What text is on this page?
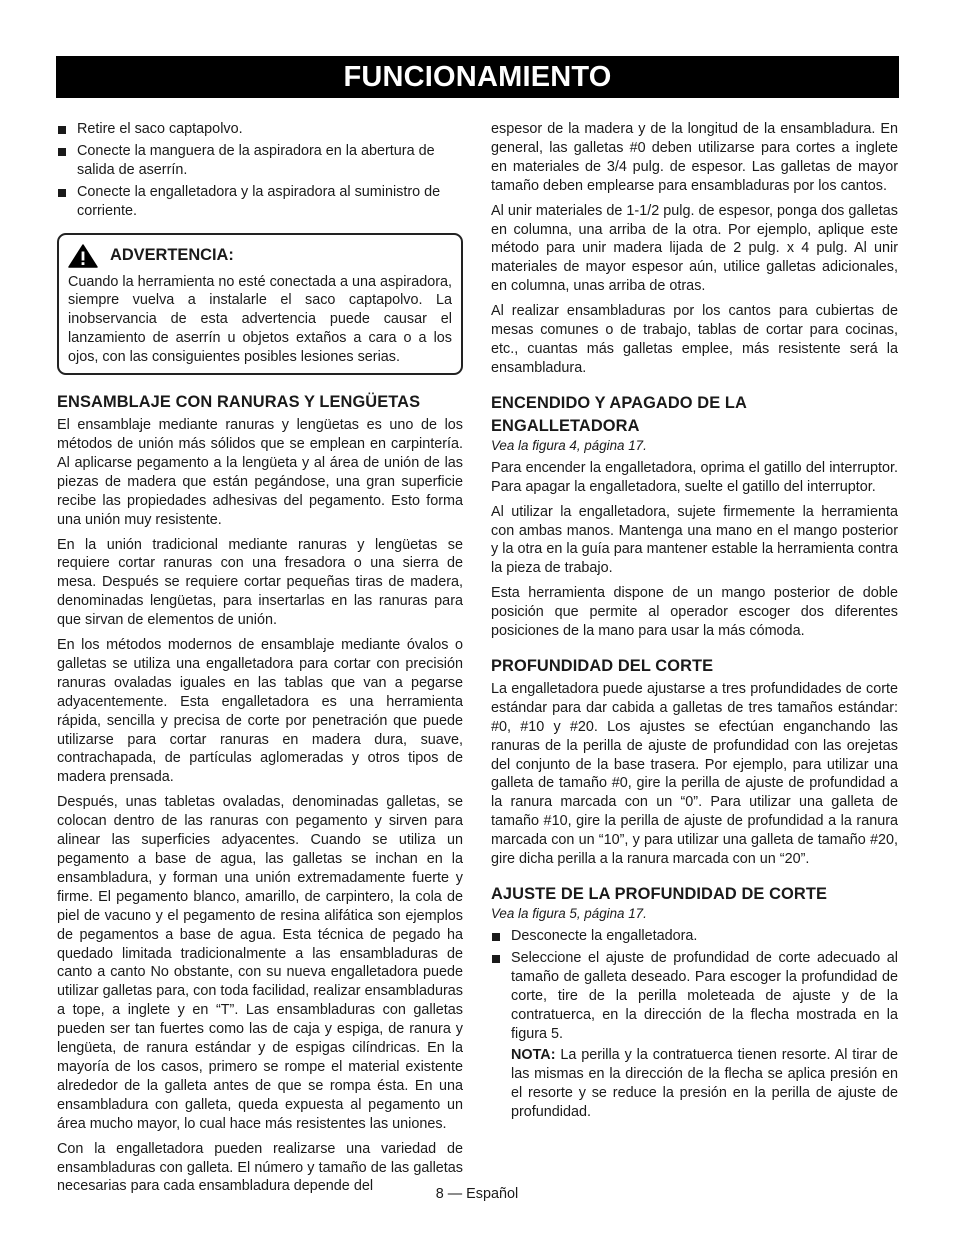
FUNCIONAMIENTO
Retire el saco captapolvo.
Conecte la manguera de la aspiradora en la abertura de salida de aserrín.
Conecte la engalletadora y la aspiradora al suministro de corriente.
ADVERTENCIA:

Cuando la herramienta no esté conectada a una aspiradora, siempre vuelva a instalarle el saco captapolvo. La inobservancia de esta advertencia puede causar el lanzamiento de aserrín u objetos extaños a cara o a los ojos, con las consiguientes posibles lesiones serias.

ENSAMBLAJE CON RANURAS Y LENGÜETAS

El ensamblaje mediante ranuras y lengüetas es uno de los métodos de unión más sólidos que se emplean en carpintería. Al aplicarse pegamento a la lengüeta y al área de unión de las piezas de madera que están pegándose, una gran superficie recibe las propiedades adhesivas del pegamento. Esto forma una unión muy resistente.

En la unión tradicional mediante ranuras y lengüetas se requiere cortar ranuras con una fresadora o una sierra de mesa. Después se requiere cortar pequeñas tiras de madera, denominadas lengüetas, para insertarlas en las ranuras para que sirvan de elementos de unión.

En los métodos modernos de ensamblaje mediante óvalos o galletas se utiliza una engalletadora para cortar con precisión ranuras ovaladas iguales en las tablas que van a pegarse adyacentemente. Esta engalletadora es una herramienta rápida, sencilla y precisa de corte por penetración que puede utilizarse para cortar ranuras en madera dura, suave, contrachapada, de partículas aglomeradas y otros tipos de madera prensada.

Después, unas tabletas ovaladas, denominadas galletas, se colocan dentro de las ranuras con pegamento y sirven para alinear las superficies adyacentes. Cuando se utiliza un pegamento a base de agua, las galletas se inchan en la ensambladura, y forman una unión extremadamente fuerte y firme. El pegamento blanco, amarillo, de carpintero, la cola de piel de vacuno y el pegamento de resina alifática son ejemplos de pegamentos a base de agua. Esta técnica de pegado ha quedado limitada tradicionalmente a las ensambladuras de canto a canto No obstante, con su nueva engalletadora puede utilizar galletas para, con toda facilidad, realizar ensambladuras a tope, a inglete y en “T”. Las ensambladuras con galletas pueden ser tan fuertes como las de caja y espiga, de ranura y lengüeta, de ranura estándar y de espigas cilíndricas. En la mayoría de los casos, primero se rompe el material existente alrededor de la galleta antes de que se rompa ésta. En una ensambladura con galleta, queda expuesta al pegamento un área mucho mayor, lo cual hace más resistentes las uniones.

Con la engalletadora pueden realizarse una variedad de ensambladuras con galleta. El número y tamaño de las galletas necesarias para cada ensambladura depende del

espesor de la madera y de la longitud de la ensambladura. En general, las galletas #0 deben utilizarse para cortes a inglete en materiales de 3/4 pulg. de espesor. Las galletas de mayor tamaño deben emplearse para ensambladuras por los cantos.

Al unir materiales de 1-1/2 pulg. de espesor, ponga dos galletas en columna, una arriba de la otra. Por ejemplo, aplique este método para unir madera lijada de 2 pulg. x 4 pulg. Al unir materiales de mayor espesor aún, utilice galletas adicionales, en columna, unas arriba de otras.

Al realizar ensambladuras por los cantos para cubiertas de mesas comunes o de trabajo, tablas de cortar para cocinas, etc., cuantas más galletas emplee, más resistente será la ensambladura.

ENCENDIDO Y APAGADO DE LA
ENGALLETADORA
Vea la figura 4, página 17.

Para encender la engalletadora, oprima el gatillo del interruptor. Para apagar la engalletadora, suelte el gatillo del interruptor.

Al utilizar la engalletadora, sujete firmemente la herramienta con ambas manos. Mantenga una mano en el mango posterior y la otra en la guía para mantener estable la herramienta contra la pieza de trabajo.

Esta herramienta dispone de un mango posterior de doble posición que permite al operador escoger dos diferentes posiciones de la mano para usar la más cómoda.

PROFUNDIDAD DEL CORTE

La engalletadora puede ajustarse a tres profundidades de corte estándar para dar cabida a galletas de tres tamaños estándar: #0, #10 y #20. Los ajustes se efectúan enganchando las ranuras de la perilla de ajuste de profundidad con las orejetas del conjunto de la base trasera. Por ejemplo, para utilizar una galleta de tamaño #0, gire la perilla de ajuste de profundidad a la ranura marcada con un “0”. Para utilizar una galleta de tamaño #10, gire la perilla de ajuste de profundidad a la ranura marcada con un “10”, y para utilizar una galleta de tamaño #20, gire dicha perilla a la ranura marcada con un “20”.

AJUSTE DE LA PROFUNDIDAD DE CORTE
Vea la figura 5, página 17.
Desconecte la engalletadora.
Seleccione el ajuste de profundidad de corte adecuado al tamaño de galleta deseado. Para escoger la profundidad de corte, tire de la perilla moleteada de ajuste y de la contratuerca, en la dirección de la flecha mostrada en la figura 5.

NOTA: La perilla y la contratuerca tienen resorte. Al tirar de las mismas en la dirección de la flecha se aplica presión en el resorte y se reduce la presión en la perilla de ajuste de profundidad.

8 — Español
